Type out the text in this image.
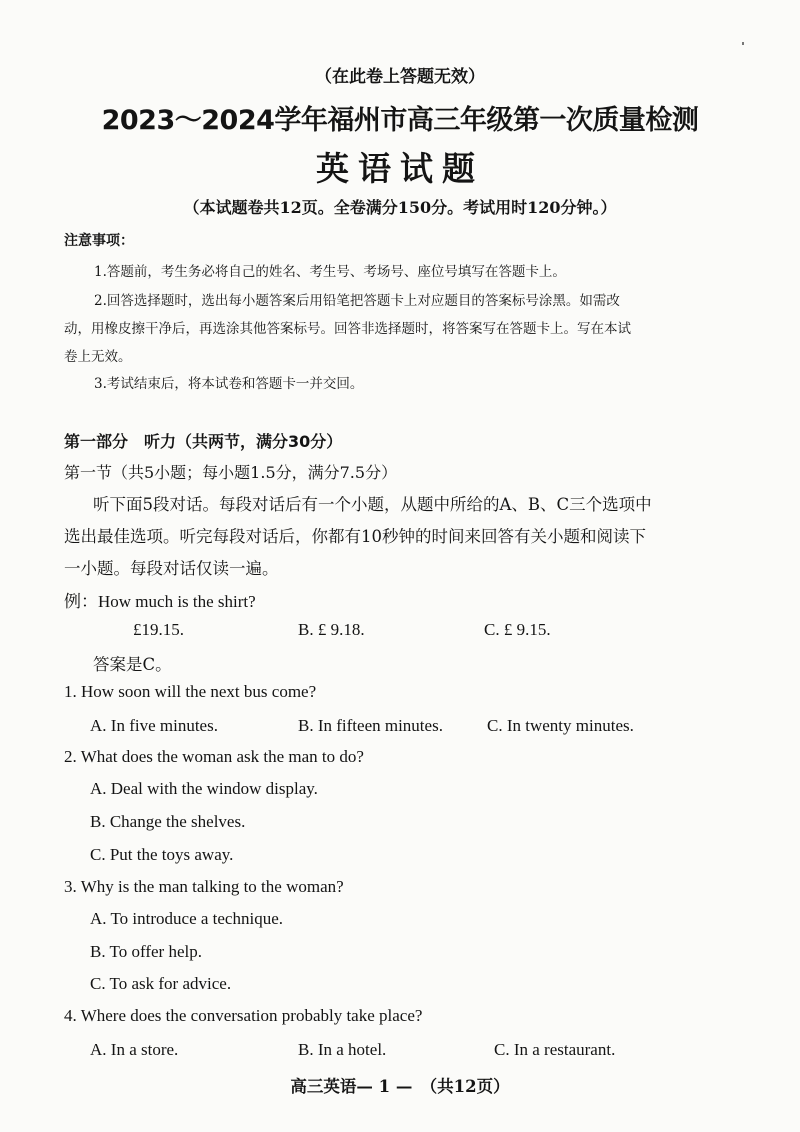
（在此卷上答题无效）
2023～2024学年福州市高三年级第一次质量检测
英语试题
（本试题卷共12页。全卷满分150分。考试用时120分钟。）
注意事项：
1.答题前，考生务必将自己的姓名、考生号、考场号、座位号填写在答题卡上。
2.回答选择题时，选出每小题答案后用铅笔把答题卡上对应题目的答案标号涂黑。如需改
动，用橡皮擦干净后，再选涂其他答案标号。回答非选择题时，将答案写在答题卡上。写在本试
卷上无效。
3.考试结束后，将本试卷和答题卡一并交回。
第一部分　听力（共两节，满分30分）
第一节（共5小题；每小题1.5分，满分7.5分）
听下面5段对话。每段对话后有一个小题，从题中所给的A、B、C三个选项中
选出最佳选项。听完每段对话后，你都有10秒钟的时间来回答有关小题和阅读下
一小题。每段对话仅读一遍。
例：How much is the shirt?
£19.15.	B. £ 9.18.	C. £ 9.15.
答案是C。
1. How soon will the next bus come?
A. In five minutes.	B. In fifteen minutes.	C. In twenty minutes.
2. What does the woman ask the man to do?
A. Deal with the window display.
B. Change the shelves.
C. Put the toys away.
3. Why is the man talking to the woman?
A. To introduce a technique.
B. To offer help.
C. To ask for advice.
4. Where does the conversation probably take place?
A. In a store.	B. In a hotel.	C. In a restaurant.
高三英语— 1 —　（共12页）
